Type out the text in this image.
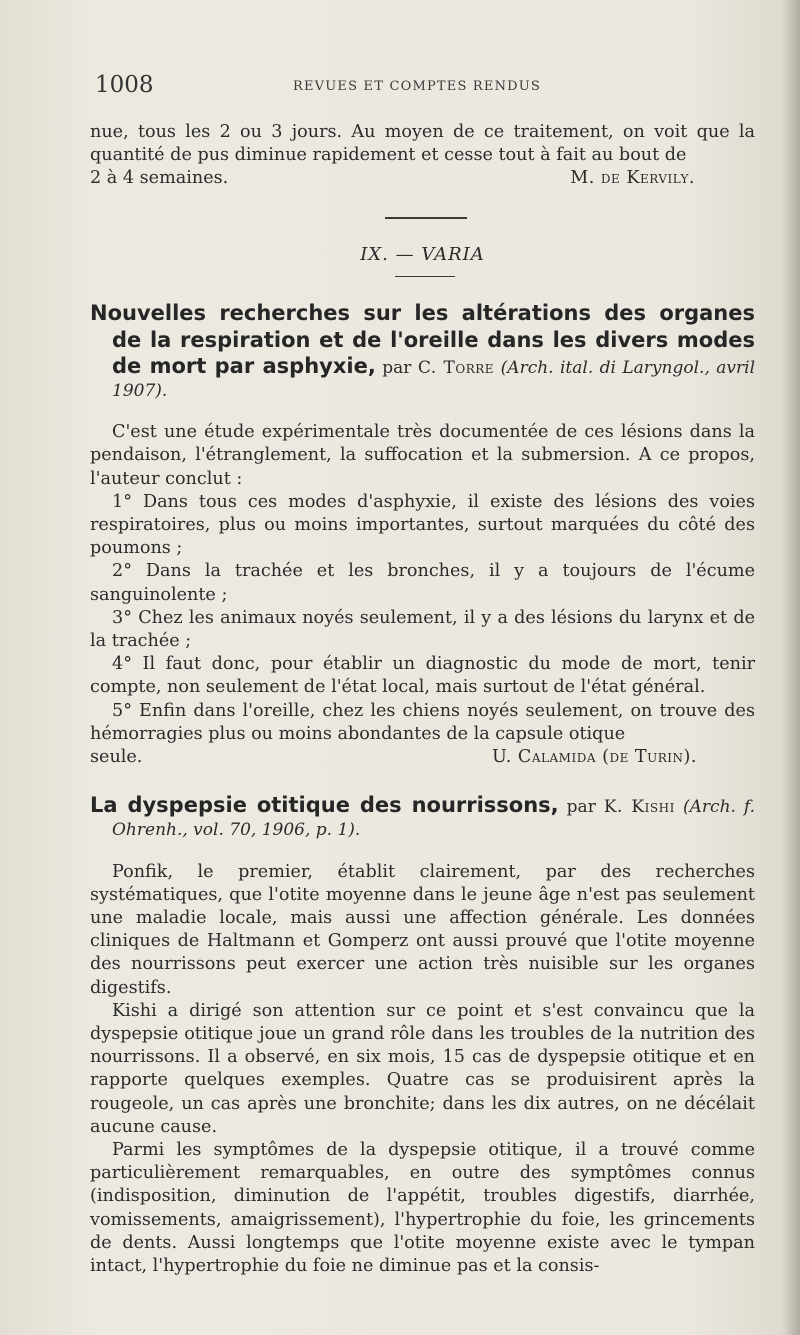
1008	REVUES ET COMPTES RENDUS

nue, tous les 2 ou 3 jours. Au moyen de ce traitement, on voit que la quantité de pus diminue rapidement et cesse tout à fait au bout de

2 à 4 semaines.	M. de Kervily.

IX. — VARIA

Nouvelles recherches sur les altérations des organes de la respiration et de l'oreille dans les divers modes de mort par asphyxie, par C. Torre (Arch. ital. di Laryngol., avril 1907).

C'est une étude expérimentale très documentée de ces lésions dans la pendaison, l'étranglement, la suffocation et la submersion. A ce propos, l'auteur conclut :

1° Dans tous ces modes d'asphyxie, il existe des lésions des voies respiratoires, plus ou moins importantes, surtout marquées du côté des poumons ;

2° Dans la trachée et les bronches, il y a toujours de l'écume sanguinolente ;

3° Chez les animaux noyés seulement, il y a des lésions du larynx et de la trachée ;

4° Il faut donc, pour établir un diagnostic du mode de mort, tenir compte, non seulement de l'état local, mais surtout de l'état général.

5° Enfin dans l'oreille, chez les chiens noyés seulement, on trouve des hémorragies plus ou moins abondantes de la capsule otique

seule.	U. Calamida (de Turin).

La dyspepsie otitique des nourrissons, par K. Kishi (Arch. f. Ohrenh., vol. 70, 1906, p. 1).

Ponfik, le premier, établit clairement, par des recherches systématiques, que l'otite moyenne dans le jeune âge n'est pas seulement une maladie locale, mais aussi une affection générale. Les données cliniques de Haltmann et Gomperz ont aussi prouvé que l'otite moyenne des nourrissons peut exercer une action très nuisible sur les organes digestifs.

Kishi a dirigé son attention sur ce point et s'est convaincu que la dyspepsie otitique joue un grand rôle dans les troubles de la nutrition des nourrissons. Il a observé, en six mois, 15 cas de dyspepsie otitique et en rapporte quelques exemples. Quatre cas se produisirent après la rougeole, un cas après une bronchite; dans les dix autres, on ne décélait aucune cause.

Parmi les symptômes de la dyspepsie otitique, il a trouvé comme particulièrement remarquables, en outre des symptômes connus (indisposition, diminution de l'appétit, troubles digestifs, diarrhée, vomissements, amaigrissement), l'hypertrophie du foie, les grincements de dents. Aussi longtemps que l'otite moyenne existe avec le tympan intact, l'hypertrophie du foie ne diminue pas et la consis-
